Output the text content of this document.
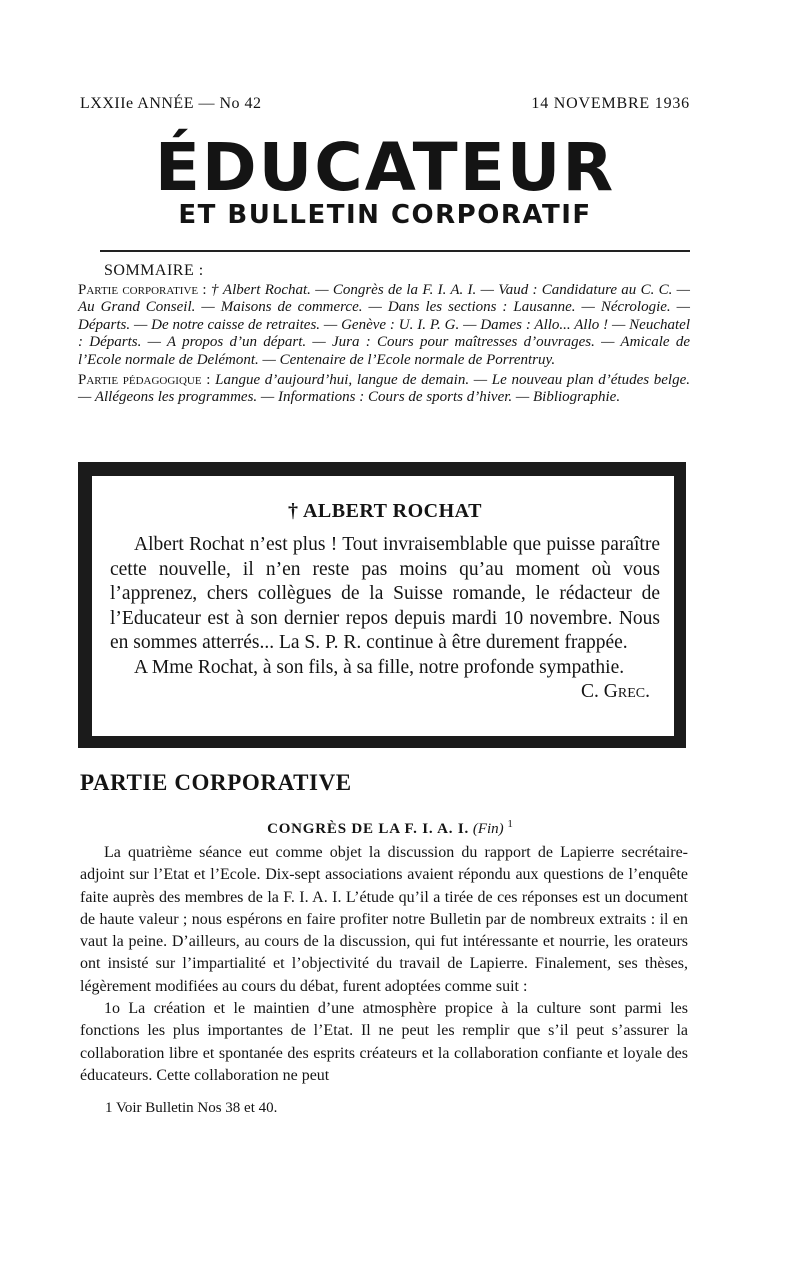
LXXIIe ANNÉE — No 42	14 NOVEMBRE 1936
ÉDUCATEUR
ET BULLETIN CORPORATIF
SOMMAIRE :

Partie corporative : † Albert Rochat. — Congrès de la F. I. A. I. — Vaud : Candidature au C. C. — Au Grand Conseil. — Maisons de commerce. — Dans les sections : Lausanne. — Nécrologie. — Départs. — De notre caisse de retraites. — Genève : U. I. P. G. — Dames : Allo... Allo ! — Neuchatel : Départs. — A propos d’un départ. — Jura : Cours pour maîtresses d’ouvrages. — Amicale de l’Ecole normale de Delémont. — Centenaire de l’Ecole normale de Porrentruy.

Partie pédagogique : Langue d’aujourd’hui, langue de demain. — Le nouveau plan d’études belge. — Allégeons les programmes. — Informations : Cours de sports d’hiver. — Bibliographie.

† ALBERT ROCHAT

Albert Rochat n’est plus ! Tout invraisemblable que puisse paraître cette nouvelle, il n’en reste pas moins qu’au moment où vous l’apprenez, chers collègues de la Suisse romande, le rédacteur de l’Educateur est à son dernier repos depuis mardi 10 novembre. Nous en sommes atterrés... La S. P. R. continue à être durement frappée.

A Mme Rochat, à son fils, à sa fille, notre profonde sympathie.
C. Grec.

PARTIE CORPORATIVE
CONGRÈS DE LA F. I. A. I. (Fin) $^1$

La quatrième séance eut comme objet la discussion du rapport de Lapierre secrétaire-adjoint sur l’Etat et l’Ecole. Dix-sept associations avaient répondu aux questions de l’enquête faite auprès des membres de la F. I. A. I. L’étude qu’il a tirée de ces réponses est un document de haute valeur ; nous espérons en faire profiter notre Bulletin par de nombreux extraits : il en vaut la peine. D’ailleurs, au cours de la discussion, qui fut intéressante et nourrie, les orateurs ont insisté sur l’impartialité et l’objectivité du travail de Lapierre. Finalement, ses thèses, légèrement modifiées au cours du débat, furent adoptées comme suit :

1o La création et le maintien d’une atmosphère propice à la culture sont parmi les fonctions les plus importantes de l’Etat. Il ne peut les remplir que s’il peut s’assurer la collaboration libre et spontanée des esprits créateurs et la collaboration confiante et loyale des éducateurs. Cette collaboration ne peut

1 Voir Bulletin Nos 38 et 40.
